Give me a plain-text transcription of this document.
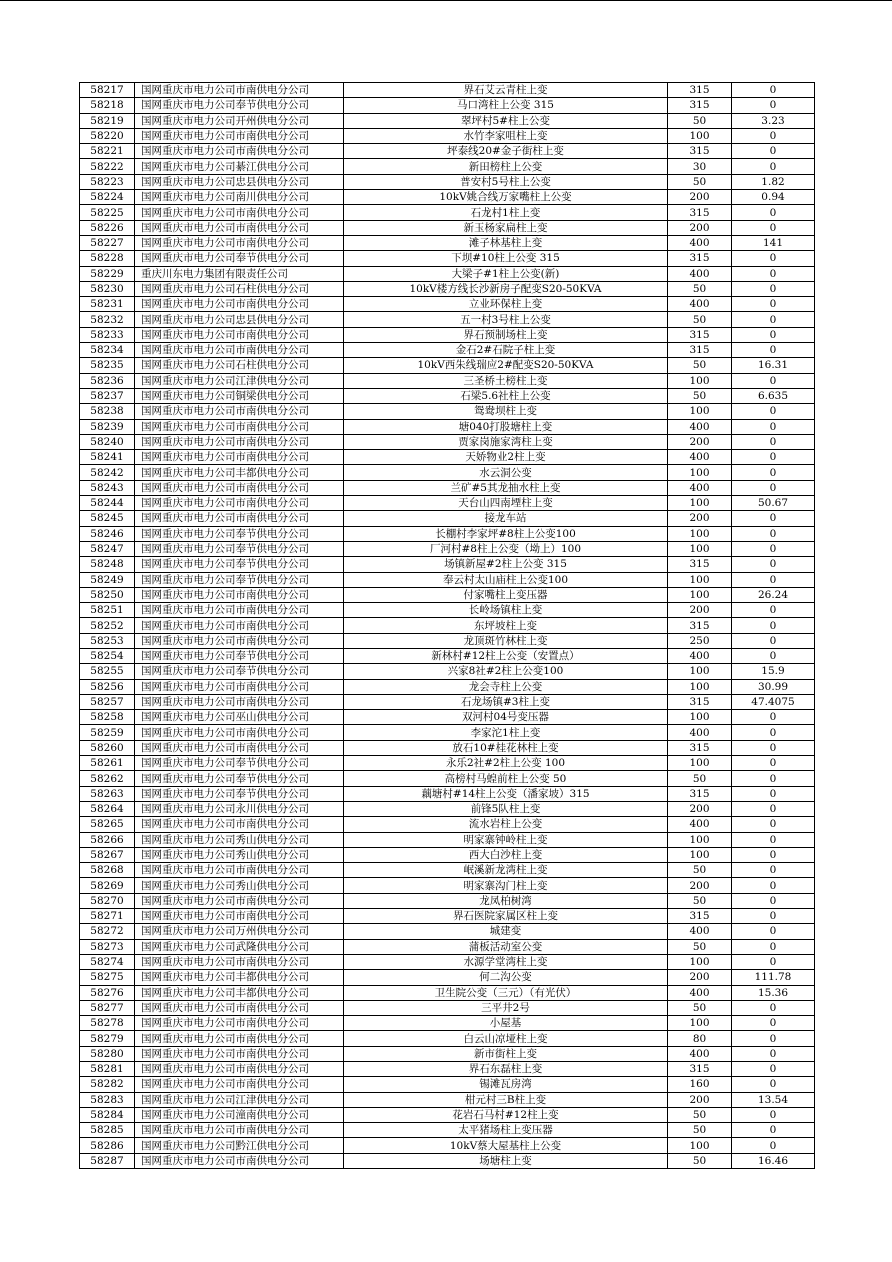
58217	国网重庆市电力公司市南供电分公司	界石艾云青柱上变	315	0
58218	国网重庆市电力公司奉节供电分公司	马口湾柱上公变 315	315	0
58219	国网重庆市电力公司开州供电分公司	翠坪村5#柱上公变	50	3.23
58220	国网重庆市电力公司市南供电分公司	水竹李家咀柱上变	100	0
58221	国网重庆市电力公司市南供电分公司	坪泰线20#金子街柱上变	315	0
58222	国网重庆市电力公司綦江供电分公司	新田榜柱上公变	30	0
58223	国网重庆市电力公司忠县供电分公司	普安村5号柱上公变	50	1.82
58224	国网重庆市电力公司南川供电分公司	10kV姚合线万家嘴柱上公变	200	0.94
58225	国网重庆市电力公司市南供电分公司	石龙村1柱上变	315	0
58226	国网重庆市电力公司市南供电分公司	新玉杨家扁柱上变	200	0
58227	国网重庆市电力公司市南供电分公司	滩子林基柱上变	400	141
58228	国网重庆市电力公司奉节供电分公司	下坝#10柱上公变 315	315	0
58229	重庆川东电力集团有限责任公司	大梁子#1柱上公变(新)	400	0
58230	国网重庆市电力公司石柱供电分公司	10kV楼方线长沙新房子配变S20-50KVA	50	0
58231	国网重庆市电力公司市南供电分公司	立业环保柱上变	400	0
58232	国网重庆市电力公司忠县供电分公司	五一村3号柱上公变	50	0
58233	国网重庆市电力公司市南供电分公司	界石预制场柱上变	315	0
58234	国网重庆市电力公司市南供电分公司	金石2#石院子柱上变	315	0
58235	国网重庆市电力公司石柱供电分公司	10kV西朱线瑞应2#配变S20-50KVA	50	16.31
58236	国网重庆市电力公司江津供电分公司	三圣桥土榜柱上变	100	0
58237	国网重庆市电力公司铜梁供电分公司	石梁5.6社柱上公变	50	6.635
58238	国网重庆市电力公司市南供电分公司	鸳鸯坝柱上变	100	0
58239	国网重庆市电力公司市南供电分公司	塘040打股塘柱上变	400	0
58240	国网重庆市电力公司市南供电分公司	贾家岗施家湾柱上变	200	0
58241	国网重庆市电力公司市南供电分公司	天娇物业2柱上变	400	0
58242	国网重庆市电力公司丰都供电分公司	水云洞公变	100	0
58243	国网重庆市电力公司市南供电分公司	兰矿#5其龙抽水柱上变	400	0
58244	国网重庆市电力公司市南供电分公司	天台山四南堙柱上变	100	50.67
58245	国网重庆市电力公司市南供电分公司	接龙车站	200	0
58246	国网重庆市电力公司奉节供电分公司	长棚村李家坪#8柱上公变100	100	0
58247	国网重庆市电力公司奉节供电分公司	厂河村#8柱上公变（坳上）100	100	0
58248	国网重庆市电力公司奉节供电分公司	场镇新屋#2柱上公变 315	315	0
58249	国网重庆市电力公司奉节供电分公司	奉云村太山庙柱上公变100	100	0
58250	国网重庆市电力公司市南供电分公司	付家嘴柱上变压器	100	26.24
58251	国网重庆市电力公司市南供电分公司	长岭场镇柱上变	200	0
58252	国网重庆市电力公司市南供电分公司	东坪坡柱上变	315	0
58253	国网重庆市电力公司市南供电分公司	龙顶斑竹林柱上变	250	0
58254	国网重庆市电力公司奉节供电分公司	新林村#12柱上公变（安置点）	400	0
58255	国网重庆市电力公司奉节供电分公司	兴家8社#2柱上公变100	100	15.9
58256	国网重庆市电力公司市南供电分公司	龙会寺柱上公变	100	30.99
58257	国网重庆市电力公司市南供电分公司	石龙场镇#3柱上变	315	47.4075
58258	国网重庆市电力公司巫山供电分公司	双河村04号变压器	100	0
58259	国网重庆市电力公司市南供电分公司	李家沱1柱上变	400	0
58260	国网重庆市电力公司市南供电分公司	放石10#桂花林柱上变	315	0
58261	国网重庆市电力公司奉节供电分公司	永乐2社#2柱上公变 100	100	0
58262	国网重庆市电力公司奉节供电分公司	高榜村马蝗前柱上公变 50	50	0
58263	国网重庆市电力公司奉节供电分公司	藕塘村#14柱上公变（潘家坡）315	315	0
58264	国网重庆市电力公司永川供电分公司	前锋5队柱上变	200	0
58265	国网重庆市电力公司市南供电分公司	流水岩柱上公变	400	0
58266	国网重庆市电力公司秀山供电分公司	明家寨钟岭柱上变	100	0
58267	国网重庆市电力公司秀山供电分公司	西大白沙柱上变	100	0
58268	国网重庆市电力公司市南供电分公司	岷溪新龙湾柱上变	50	0
58269	国网重庆市电力公司秀山供电分公司	明家寨沟门柱上变	200	0
58270	国网重庆市电力公司市南供电分公司	龙凤柏树湾	50	0
58271	国网重庆市电力公司市南供电分公司	界石医院家属区柱上变	315	0
58272	国网重庆市电力公司万州供电分公司	城建变	400	0
58273	国网重庆市电力公司武隆供电分公司	蒲板活动室公变	50	0
58274	国网重庆市电力公司市南供电分公司	水源学堂湾柱上变	100	0
58275	国网重庆市电力公司丰都供电分公司	何二沟公变	200	111.78
58276	国网重庆市电力公司丰都供电分公司	卫生院公变（三元）（有光伏）	400	15.36
58277	国网重庆市电力公司市南供电分公司	三平井2号	50	0
58278	国网重庆市电力公司市南供电分公司	小屋基	100	0
58279	国网重庆市电力公司市南供电分公司	白云山凉垭柱上变	80	0
58280	国网重庆市电力公司市南供电分公司	新市街柱上变	400	0
58281	国网重庆市电力公司市南供电分公司	界石东磊柱上变	315	0
58282	国网重庆市电力公司市南供电分公司	锡滩瓦房湾	160	0
58283	国网重庆市电力公司江津供电分公司	柑元村三B柱上变	200	13.54
58284	国网重庆市电力公司潼南供电分公司	花岩石马村#12柱上变	50	0
58285	国网重庆市电力公司市南供电分公司	太平猪场柱上变压器	50	0
58286	国网重庆市电力公司黔江供电分公司	10kV蔡大屋基柱上公变	100	0
58287	国网重庆市电力公司市南供电分公司	场塘柱上变	50	16.46
